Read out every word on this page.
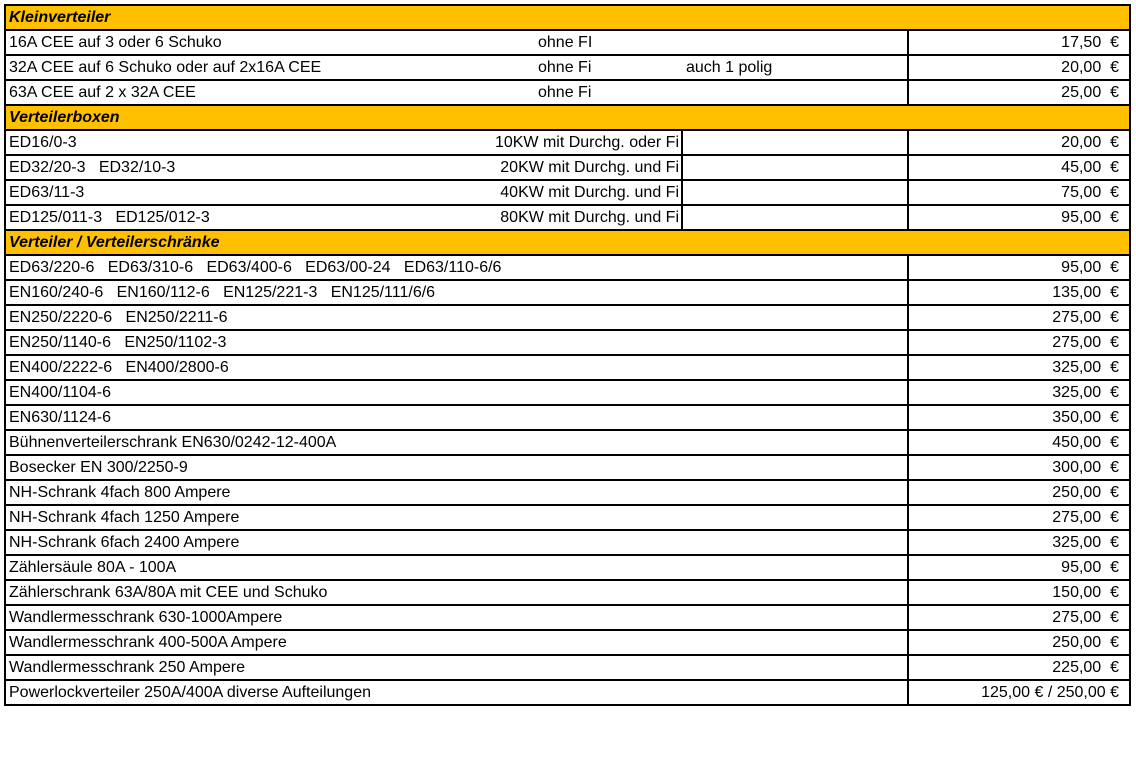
Kleinverteiler
16A CEE auf 3 oder 6 Schuko	ohne FI	17,50  €
32A CEE auf 6 Schuko oder auf 2x16A CEE	ohne Fi	auch 1 polig	20,00  €
63A CEE auf 2 x 32A CEE	ohne Fi	25,00  €
Verteilerboxen
ED16/0-3	10KW mit Durchg. oder Fi	20,00  €
ED32/20-3   ED32/10-3	20KW mit Durchg. und Fi	45,00  €
ED63/11-3	40KW mit Durchg. und Fi	75,00  €
ED125/011-3   ED125/012-3	80KW mit Durchg. und Fi	95,00  €
Verteiler / Verteilerschränke
ED63/220-6   ED63/310-6   ED63/400-6   ED63/00-24   ED63/110-6/6	95,00  €
EN160/240-6   EN160/112-6   EN125/221-3   EN125/111/6/6	135,00  €
EN250/2220-6   EN250/2211-6	275,00  €
EN250/1140-6   EN250/1102-3	275,00  €
EN400/2222-6   EN400/2800-6	325,00  €
EN400/1104-6	325,00  €
EN630/1124-6	350,00  €
Bühnenverteilerschrank EN630/0242-12-400A	450,00  €
Bosecker EN 300/2250-9	300,00  €
NH-Schrank 4fach 800 Ampere	250,00  €
NH-Schrank 4fach 1250 Ampere	275,00  €
NH-Schrank 6fach 2400 Ampere	325,00  €
Zählersäule 80A - 100A	95,00  €
Zählerschrank 63A/80A mit CEE und Schuko	150,00  €
Wandlermesschrank 630-1000Ampere	275,00  €
Wandlermesschrank 400-500A Ampere	250,00  €
Wandlermesschrank 250 Ampere	225,00  €
Powerlockverteiler 250A/400A diverse Aufteilungen	125,00 € / 250,00 €
